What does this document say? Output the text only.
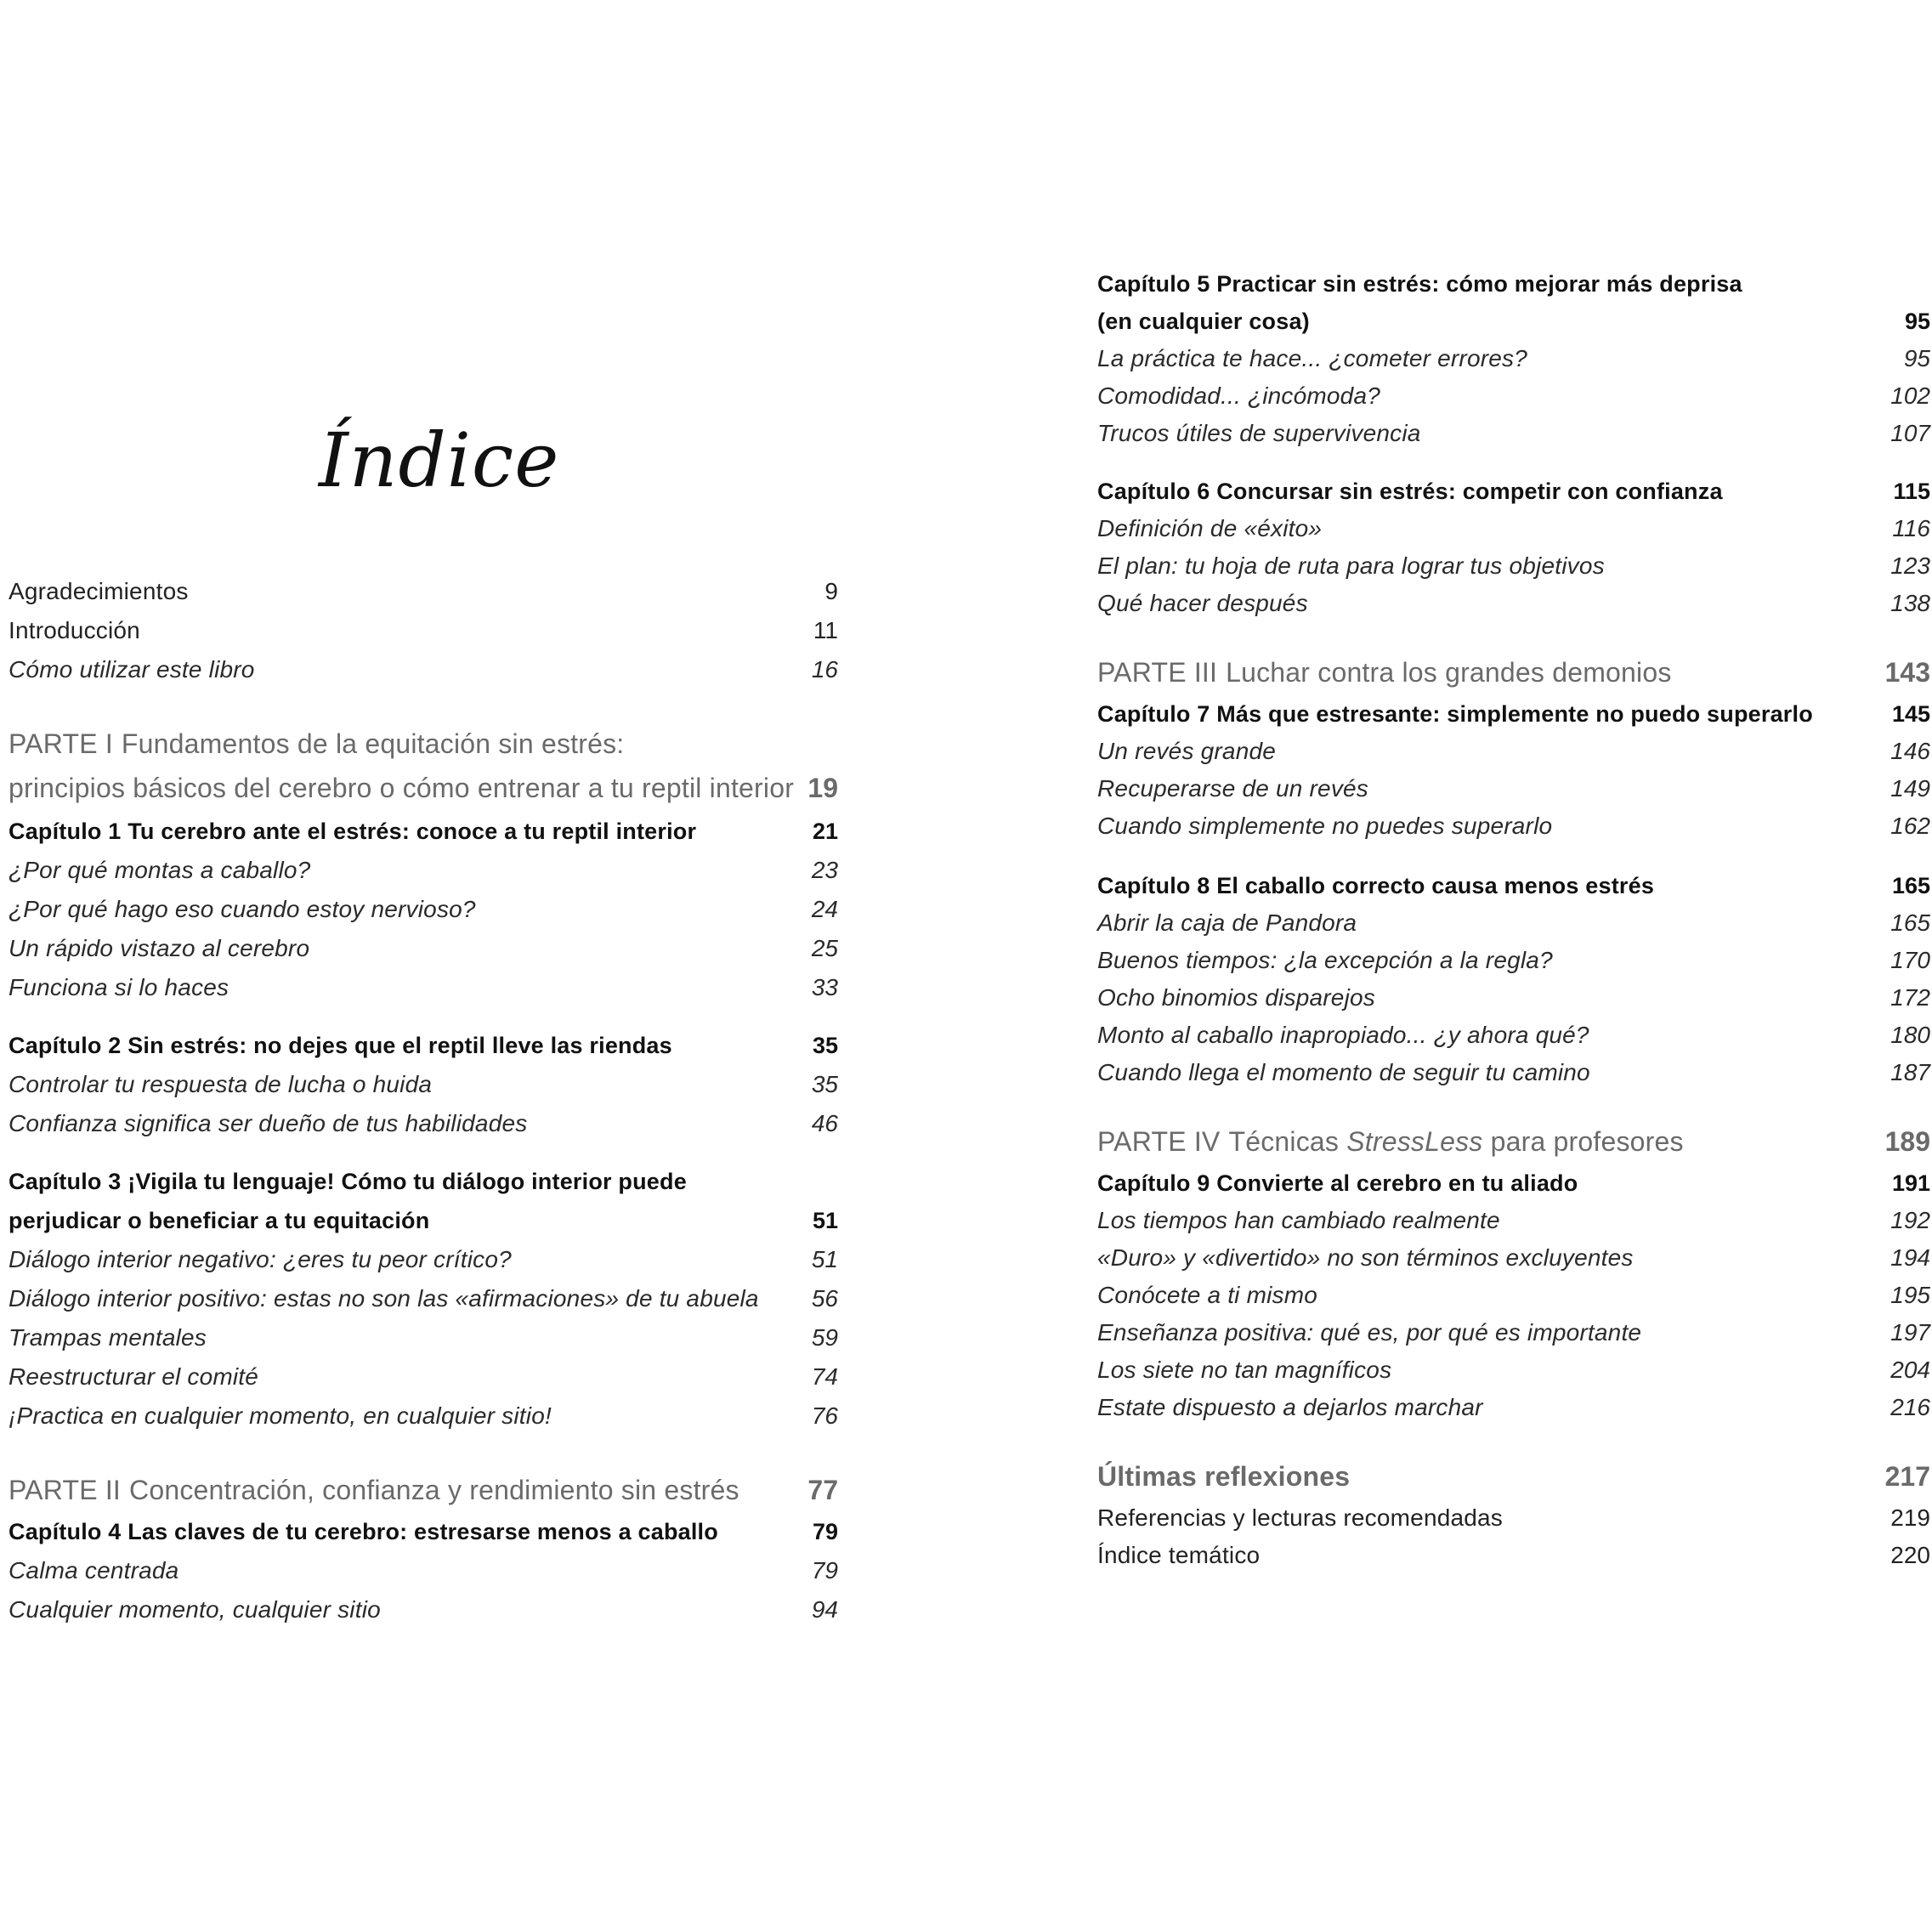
Índice
Agradecimientos	9
Introducción	11
Cómo utilizar este libro	16
PARTE I Fundamentos de la equitación sin estrés:
principios básicos del cerebro o cómo entrenar a tu reptil interior 19
Capítulo 1 Tu cerebro ante el estrés: conoce a tu reptil interior	21
¿Por qué montas a caballo?	23
¿Por qué hago eso cuando estoy nervioso?	24
Un rápido vistazo al cerebro	25
Funciona si lo haces	33
Capítulo 2 Sin estrés: no dejes que el reptil lleve las riendas	35
Controlar tu respuesta de lucha o huida	35
Confianza significa ser dueño de tus habilidades	46
Capítulo 3 ¡Vigila tu lenguaje! Cómo tu diálogo interior puede
perjudicar o beneficiar a tu equitación	51
Diálogo interior negativo: ¿eres tu peor crítico?	51
Diálogo interior positivo: estas no son las «afirmaciones» de tu abuela 56
Trampas mentales	59
Reestructurar el comité	74
¡Practica en cualquier momento, en cualquier sitio!	76
PARTE II Concentración, confianza y rendimiento sin estrés	77
Capítulo 4 Las claves de tu cerebro: estresarse menos a caballo	79
Calma centrada	79
Cualquier momento, cualquier sitio	94
Capítulo 5 Practicar sin estrés: cómo mejorar más deprisa
(en cualquier cosa)	95
La práctica te hace... ¿cometer errores?	95
Comodidad... ¿incómoda?	102
Trucos útiles de supervivencia	107
Capítulo 6 Concursar sin estrés: competir con confianza	115
Definición de «éxito»	116
El plan: tu hoja de ruta para lograr tus objetivos	123
Qué hacer después	138
PARTE III Luchar contra los grandes demonios	143
Capítulo 7 Más que estresante: simplemente no puedo superarlo	145
Un revés grande	146
Recuperarse de un revés	149
Cuando simplemente no puedes superarlo	162
Capítulo 8 El caballo correcto causa menos estrés	165
Abrir la caja de Pandora	165
Buenos tiempos: ¿la excepción a la regla?	170
Ocho binomios disparejos	172
Monto al caballo inapropiado... ¿y ahora qué?	180
Cuando llega el momento de seguir tu camino	187
PARTE IV Técnicas StressLess para profesores	189
Capítulo 9 Convierte al cerebro en tu aliado	191
Los tiempos han cambiado realmente	192
«Duro» y «divertido» no son términos excluyentes	194
Conócete a ti mismo	195
Enseñanza positiva: qué es, por qué es importante	197
Los siete no tan magníficos	204
Estate dispuesto a dejarlos marchar	216
Últimas reflexiones	217
Referencias y lecturas recomendadas	219
Índice temático	220
